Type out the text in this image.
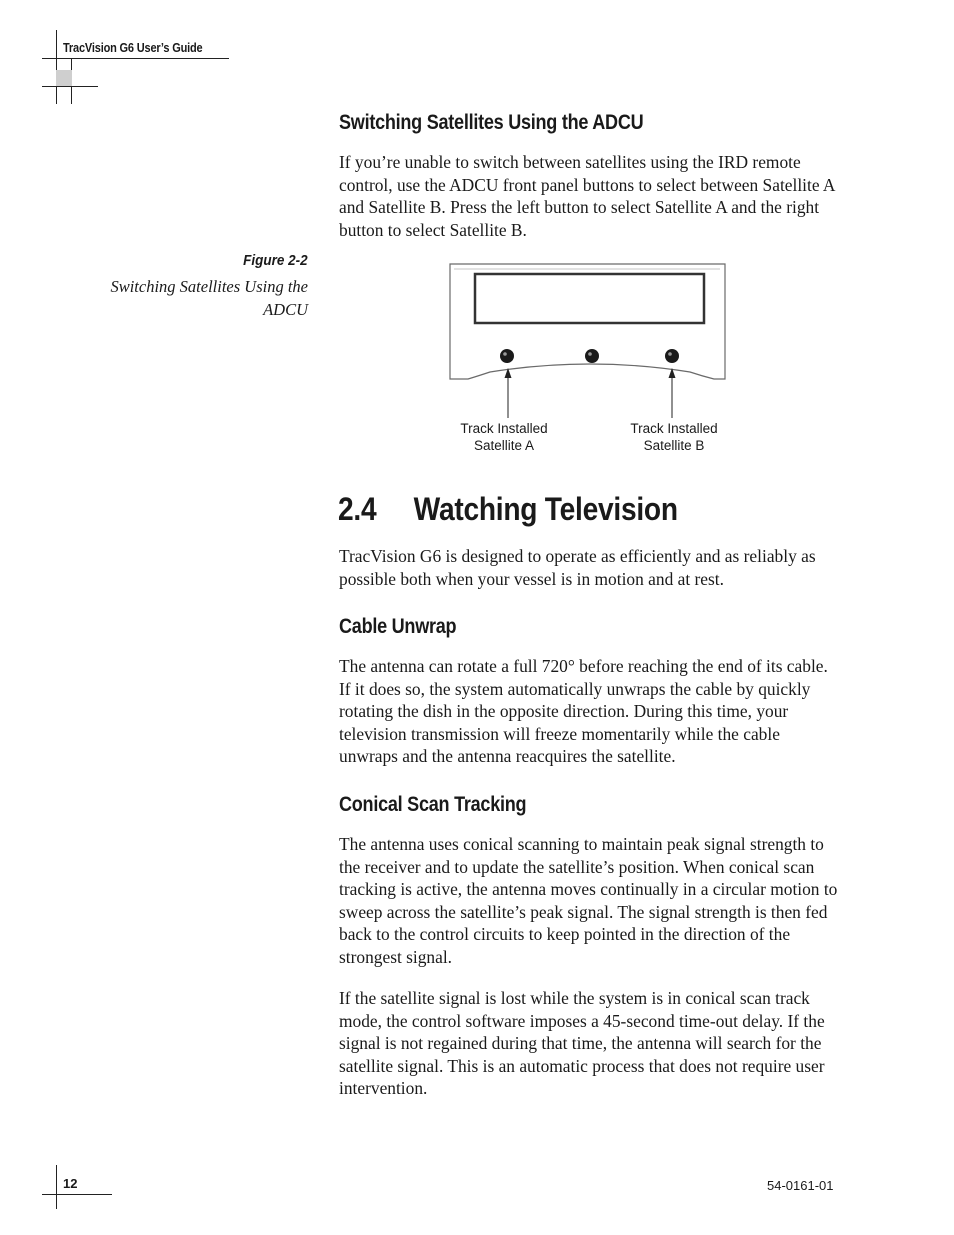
TracVision G6 User’s Guide
Switching Satellites Using the ADCU
If you’re unable to switch between satellites using the IRD remote control, use the ADCU front panel buttons to select between Satellite A and Satellite B. Press the left button to select Satellite A and the right button to select Satellite B.
Figure 2-2
Switching Satellites Using the ADCU
Track Installed
Satellite A
Track Installed
Satellite B
2.4 Watching Television
TracVision G6 is designed to operate as efficiently and as reliably as possible both when your vessel is in motion and at rest.
Cable Unwrap
The antenna can rotate a full 720° before reaching the end of its cable. If it does so, the system automatically unwraps the cable by quickly rotating the dish in the opposite direction. During this time, your television transmission will freeze momentarily while the cable unwraps and the antenna reacquires the satellite.
Conical Scan Tracking
The antenna uses conical scanning to maintain peak signal strength to the receiver and to update the satellite’s position. When conical scan tracking is active, the antenna moves continually in a circular motion to sweep across the satellite’s peak signal. The signal strength is then fed back to the control circuits to keep pointed in the direction of the strongest signal.
If the satellite signal is lost while the system is in conical scan track mode, the control software imposes a 45-second time-out delay. If the signal is not regained during that time, the antenna will search for the satellite signal. This is an automatic process that does not require user intervention.
12	54-0161-01
